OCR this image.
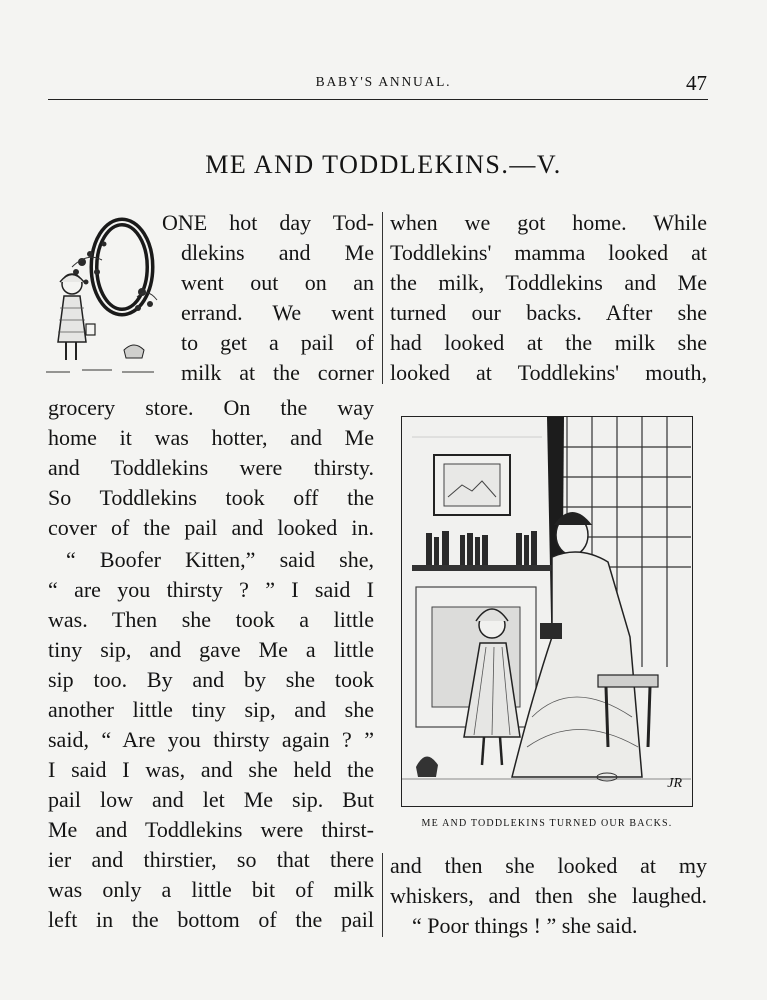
BABY'S ANNUAL.	47
ME AND TODDLEKINS.—V.
ONE hot day Tod-
dlekins and Me
went out on an
errand. We went
to get a pail of
milk at the corner
grocery store. On the way
home it was hotter, and Me
and Toddlekins were thirsty.
So Toddlekins took off the
cover of the pail and looked in.
“ Boofer Kitten,” said she,
“ are you thirsty ? ” I said I
was. Then she took a little
tiny sip, and gave Me a little
sip too. By and by she took
another little tiny sip, and she
said, “ Are you thirsty again ? ”
I said I was, and she held the
pail low and let Me sip. But
Me and Toddlekins were thirst-
ier and thirstier, so that there
was only a little bit of milk
left in the bottom of the pail
when we got home. While
Toddlekins' mamma looked at
the milk, Toddlekins and Me
turned our backs. After she
had looked at the milk she
looked at Toddlekins' mouth,
JR
ME AND TODDLEKINS TURNED OUR BACKS.
and then she looked at my
whiskers, and then she laughed.
“ Poor things ! ” she said.
